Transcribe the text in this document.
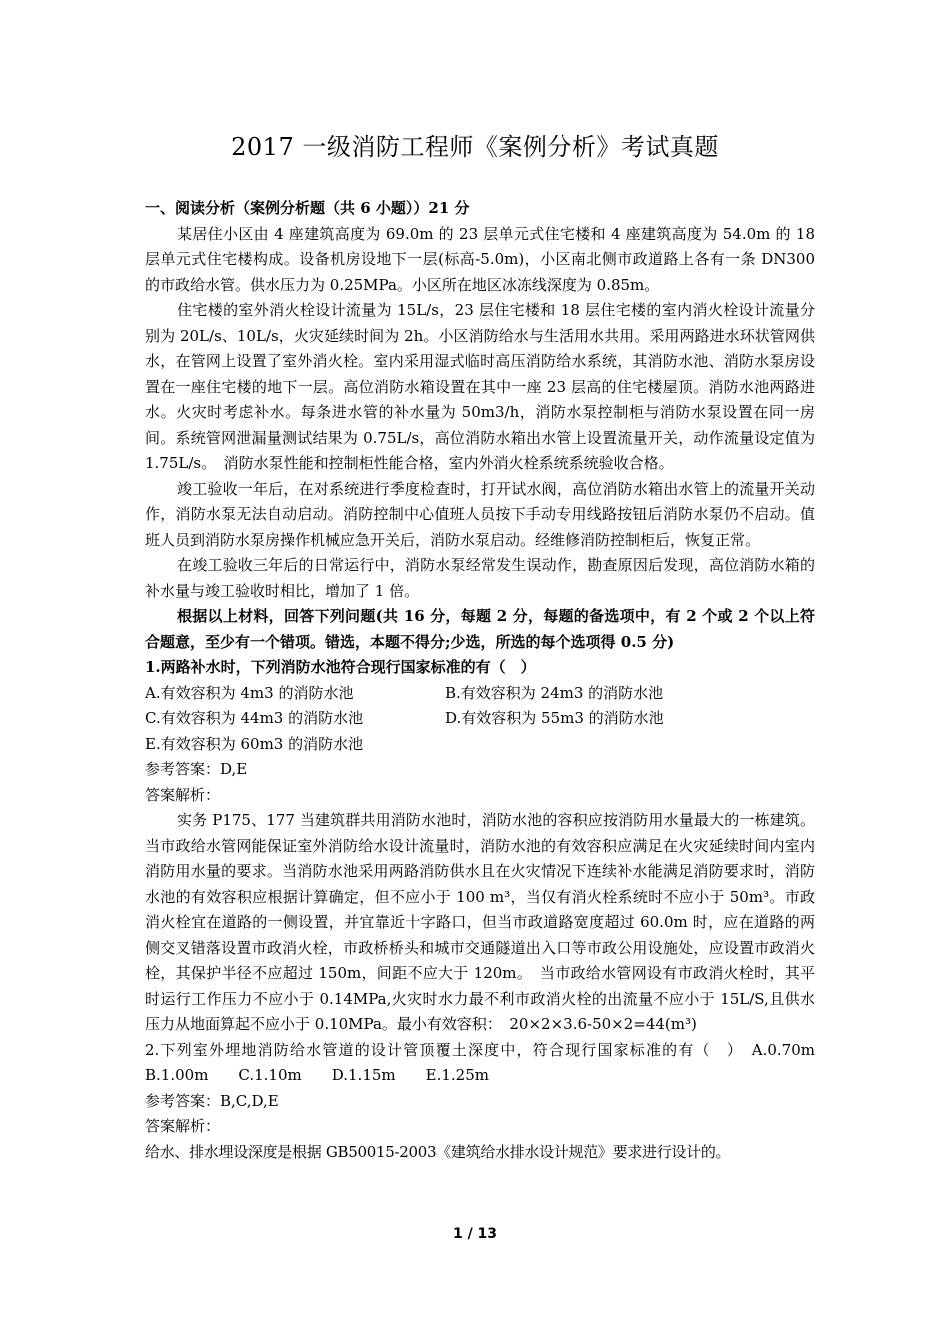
2017 一级消防工程师《案例分析》考试真题

一、阅读分析（案例分析题（共 6 小题））21 分

某居住小区由 4 座建筑高度为 69.0m 的 23 层单元式住宅楼和 4 座建筑高度为 54.0m 的 18 层单元式住宅楼构成。设备机房设地下一层(标高-5.0m)，小区南北侧市政道路上各有一条 DN300 的市政给水管。供水压力为 0.25MPa。小区所在地区冰冻线深度为 0.85m。

住宅楼的室外消火栓设计流量为 15L/s，23 层住宅楼和 18 层住宅楼的室内消火栓设计流量分别为 20L/s、10L/s，火灾延续时间为 2h。小区消防给水与生活用水共用。采用两路进水环状管网供水，在管网上设置了室外消火栓。室内采用湿式临时高压消防给水系统，其消防水池、消防水泵房设置在一座住宅楼的地下一层。高位消防水箱设置在其中一座 23 层高的住宅楼屋顶。消防水池两路进水。火灾时考虑补水。每条进水管的补水量为 50m3/h，消防水泵控制柜与消防水泵设置在同一房间。系统管网泄漏量测试结果为 0.75L/s，高位消防水箱出水管上设置流量开关，动作流量设定值为 1.75L/s。　消防水泵性能和控制柜性能合格，室内外消火栓系统系统验收合格。

竣工验收一年后，在对系统进行季度检查时，打开试水阀，高位消防水箱出水管上的流量开关动作，消防水泵无法自动启动。消防控制中心值班人员按下手动专用线路按钮后消防水泵仍不启动。值班人员到消防水泵房操作机械应急开关后，消防水泵启动。经维修消防控制柜后，恢复正常。

在竣工验收三年后的日常运行中，消防水泵经常发生误动作，勘查原因后发现，高位消防水箱的补水量与竣工验收时相比，增加了 1 倍。

根据以上材料，回答下列问题(共 16 分，每题 2 分，每题的备选项中，有 2 个或 2 个以上符合题意，至少有一个错项。错选，本题不得分;少选，所选的每个选项得 0.5 分)

1.两路补水时，下列消防水池符合现行国家标准的有（　）

A.有效容积为 4m3 的消防水池	B.有效容积为 24m3 的消防水池
C.有效容积为 44m3 的消防水池	D.有效容积为 55m3 的消防水池

E.有效容积为 60m3 的消防水池

参考答案：D,E

答案解析：

实务 P175、177 当建筑群共用消防水池时，消防水池的容积应按消防用水量最大的一栋建筑。当市政给水管网能保证室外消防给水设计流量时，消防水池的有效容积应满足在火灾延续时间内室内消防用水量的要求。当消防水池采用两路消防供水且在火灾情况下连续补水能满足消防要求时，消防水池的有效容积应根据计算确定，但不应小于 100 m³，当仅有消火栓系统时不应小于 50m³。市政消火栓宜在道路的一侧设置，并宜靠近十字路口，但当市政道路宽度超过 60.0m 时，应在道路的两侧交叉错落设置市政消火栓，市政桥桥头和城市交通隧道出入口等市政公用设施处，应设置市政消火栓，其保护半径不应超过 150m，间距不应大于 120m。　当市政给水管网设有市政消火栓时，其平时运行工作压力不应小于 0.14MPa,火灾时水力最不利市政消火栓的出流量不应小于 15L/S,且供水压力从地面算起不应小于 0.10MPa。最小有效容积：　20×2×3.6-50×2=44(m³)

2.下列室外埋地消防给水管道的设计管顶覆土深度中，符合现行国家标准的有（　）　A.0.70m　　B.1.00m　　C.1.10m　　D.1.15m　　E.1.25m

参考答案：B,C,D,E

答案解析：

给水、排水埋设深度是根据 GB50015-2003《建筑给水排水设计规范》要求进行设计的。

1 / 13
